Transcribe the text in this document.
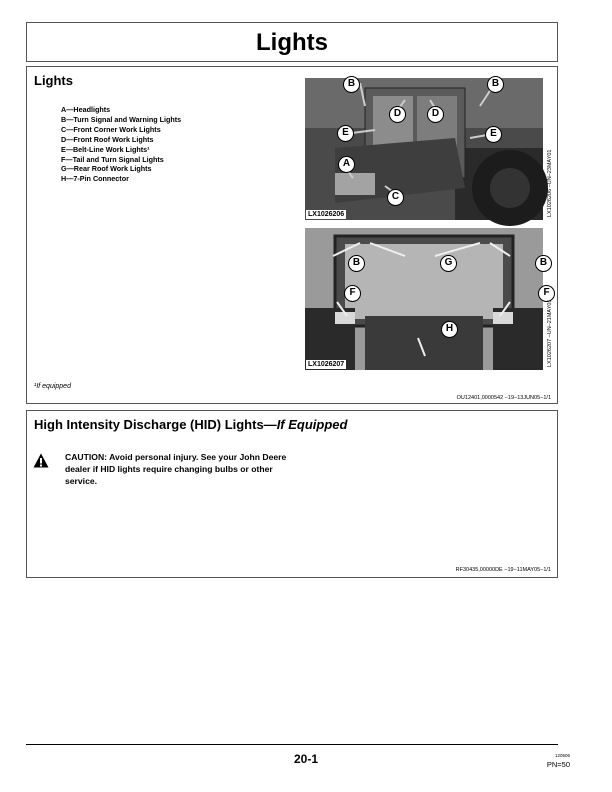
Lights
Lights
A—Headlights
B—Turn Signal and Warning Lights
C—Front Corner Work Lights
D—Front Roof Work Lights
E—Belt-Line Work Lights¹
F—Tail and Turn Signal Lights
G—Rear Roof Work Lights
H—7-Pin Connector
B	B
D	D
E	E
A
C
LX1026206	LX1026206 –UN–23MAY01
B	G	B
F	F
H
LX1026207	LX1026207 –UN–21MAY01
¹If equipped
OU12401,0000542 −19−13JUN05−1/1
High Intensity Discharge (HID) Lights—If Equipped

CAUTION: Avoid personal injury. See your John Deere dealer if HID lights require changing bulbs or other service.

RF30435,00000DE −19−11MAY05−1/1
20-1	120506
PN=50
